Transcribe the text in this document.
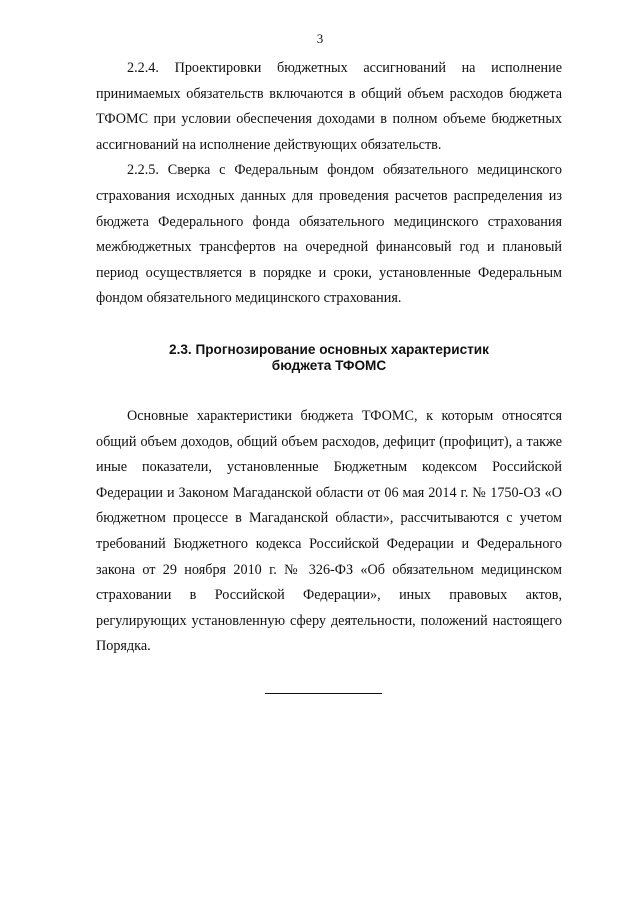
3

2.2.4. Проектировки бюджетных ассигнований на исполнение принимаемых обязательств включаются в общий объем расходов бюджета ТФОМС при условии обеспечения доходами в полном объеме бюджетных ассигнований на исполнение действующих обязательств.

2.2.5. Сверка с Федеральным фондом обязательного медицинского страхования исходных данных для проведения расчетов распределения из бюджета Федерального фонда обязательного медицинского страхования межбюджетных трансфертов на очередной финансовый год и плановый период осуществляется в порядке и сроки, установленные Федеральным фондом обязательного медицинского страхования.

2.3. Прогнозирование основных характеристик
бюджета ТФОМС

Основные характеристики бюджета ТФОМС, к которым относятся общий объем доходов, общий объем расходов, дефицит (профицит), а также иные показатели, установленные Бюджетным кодексом Российской Федерации и Законом Магаданской области от 06 мая 2014 г. № 1750-ОЗ «О бюджетном процессе в Магаданской области», рассчитываются с учетом требований Бюджетного кодекса Российской Федерации и Федерального закона от 29 ноября 2010 г. № 326-ФЗ «Об обязательном медицинском страховании в Российской Федерации», иных правовых актов, регулирующих установленную сферу деятельности, положений настоящего Порядка.
